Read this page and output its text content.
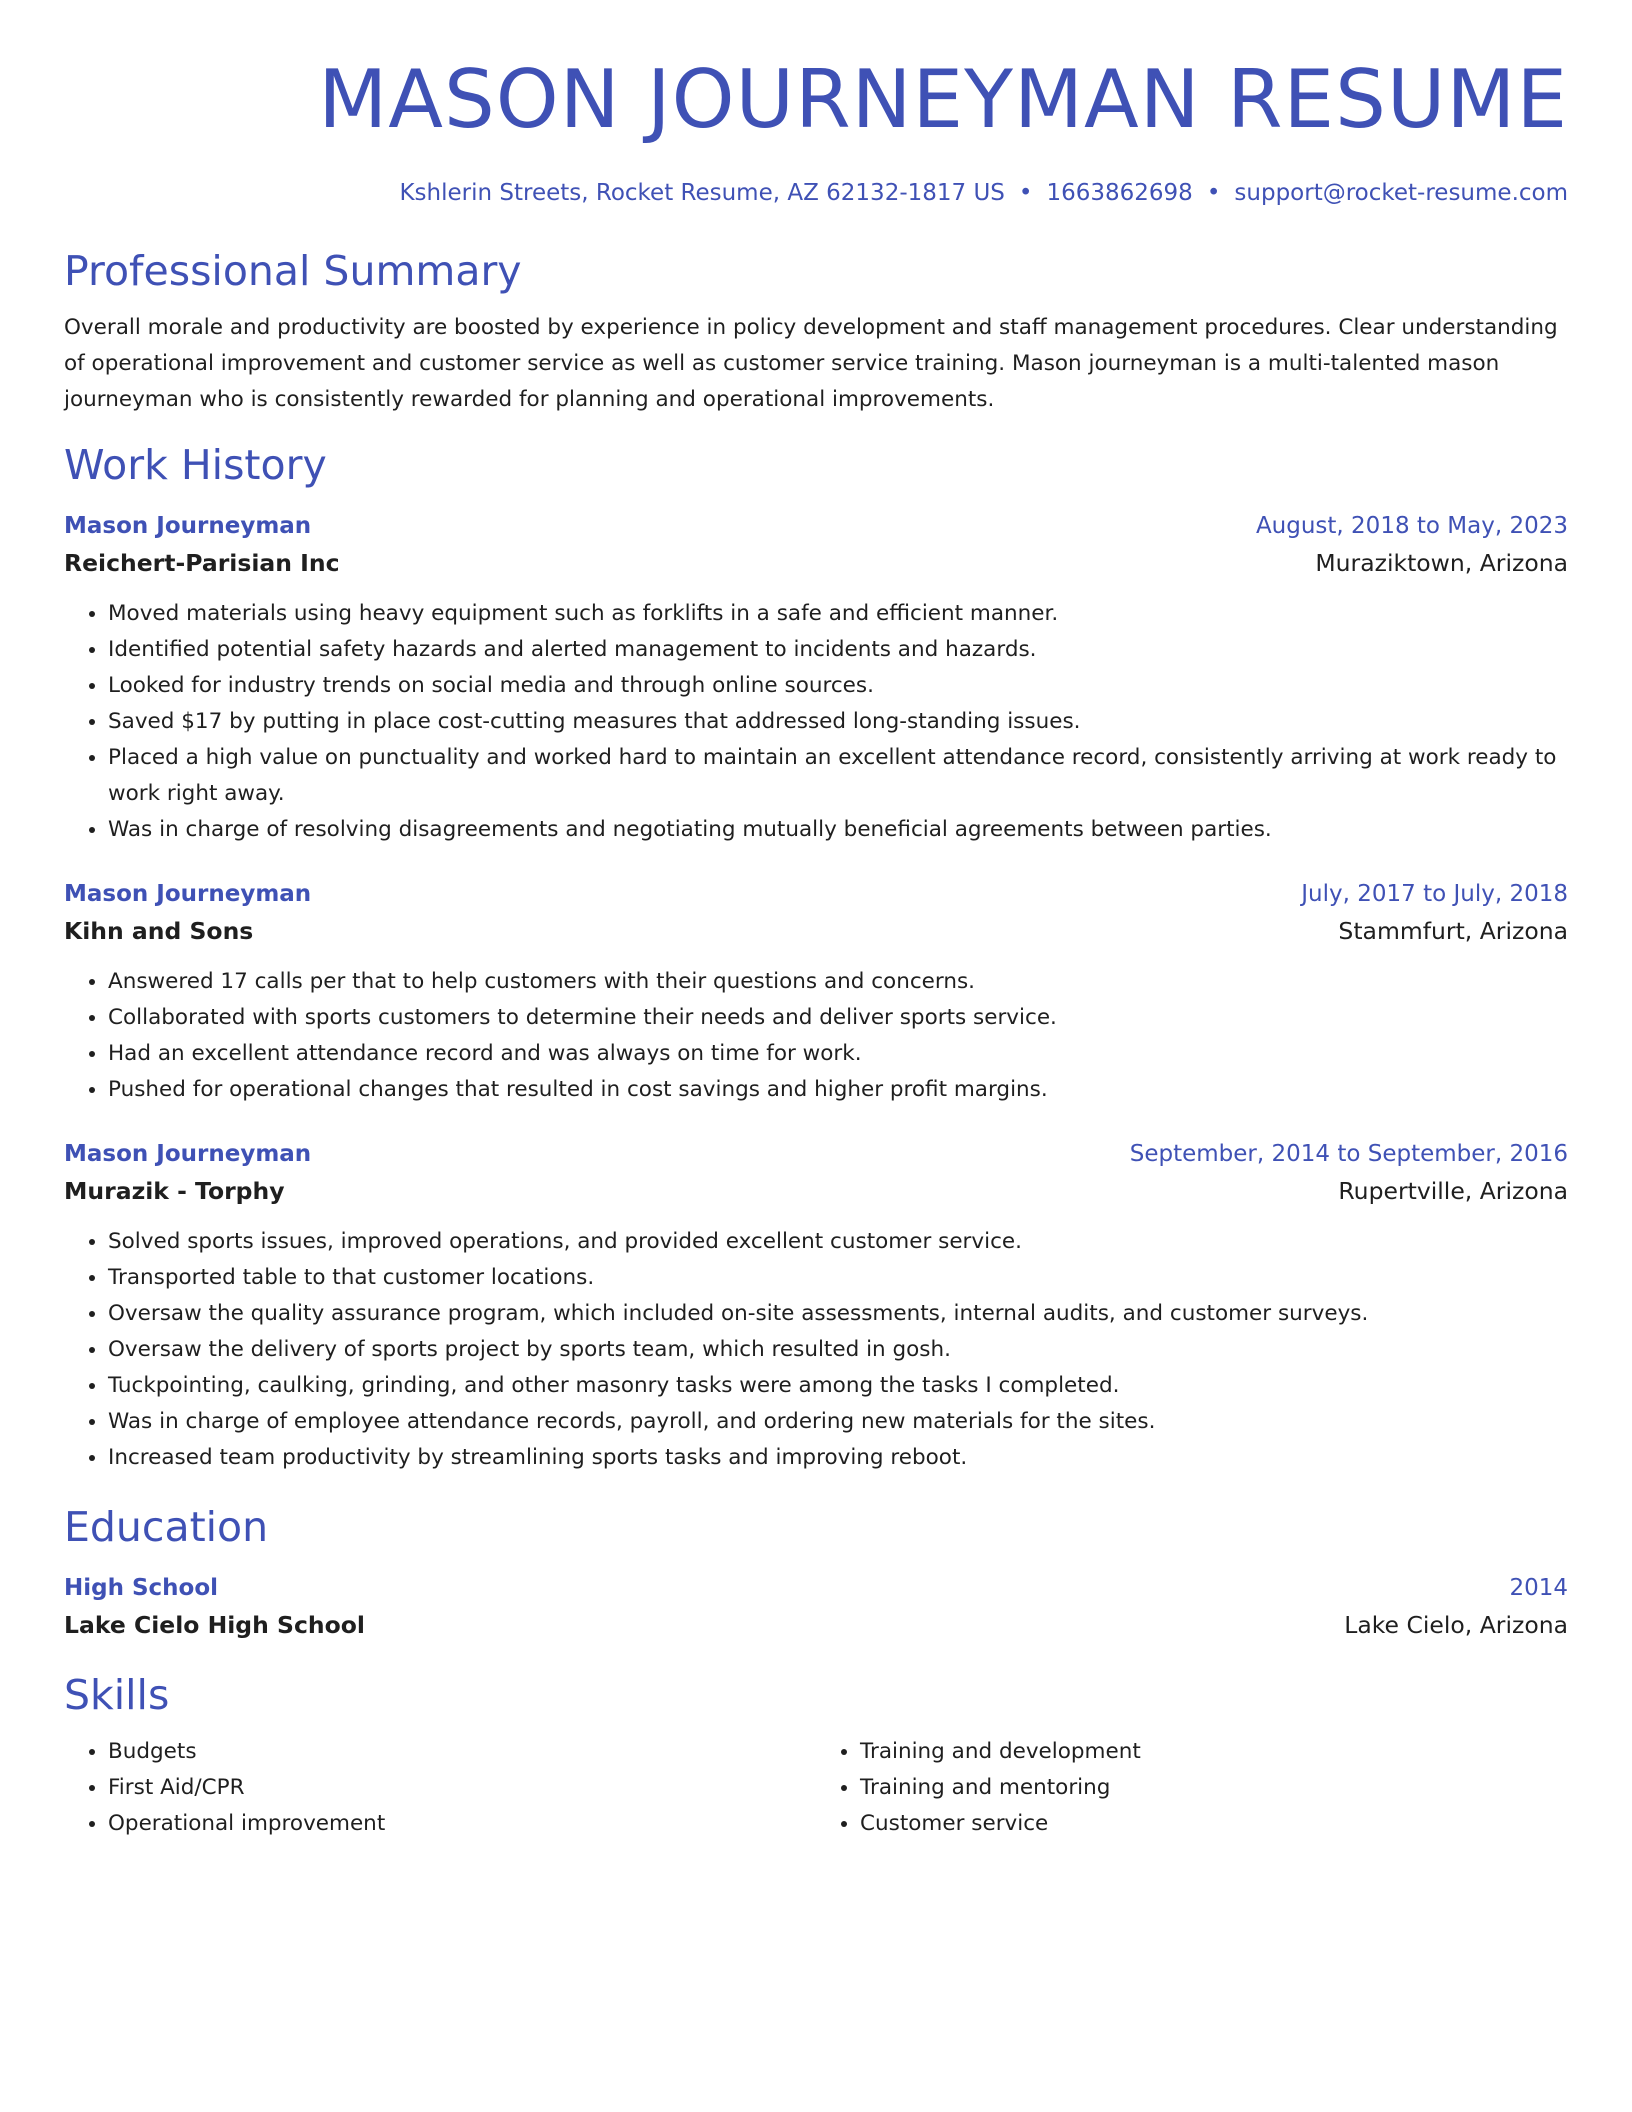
MASON JOURNEYMAN RESUME
Kshlerin Streets, Rocket Resume, AZ 62132-1817 US • 1663862698 • support@rocket-resume.com
Professional Summary

Overall morale and productivity are boosted by experience in policy development and staff management procedures. Clear understanding of operational improvement and customer service as well as customer service training. Mason journeyman is a multi-talented mason journeyman who is consistently rewarded for planning and operational improvements.

Work History
Mason Journeyman	August, 2018 to May, 2023
Reichert-Parisian Inc	Muraziktown, Arizona
• Moved materials using heavy equipment such as forklifts in a safe and efficient manner.
• Identified potential safety hazards and alerted management to incidents and hazards.
• Looked for industry trends on social media and through online sources.
• Saved $17 by putting in place cost-cutting measures that addressed long-standing issues.
• Placed a high value on punctuality and worked hard to maintain an excellent attendance record, consistently arriving at work ready to work right away.
• Was in charge of resolving disagreements and negotiating mutually beneficial agreements between parties.
Mason Journeyman	July, 2017 to July, 2018
Kihn and Sons	Stammfurt, Arizona
• Answered 17 calls per that to help customers with their questions and concerns.
• Collaborated with sports customers to determine their needs and deliver sports service.
• Had an excellent attendance record and was always on time for work.
• Pushed for operational changes that resulted in cost savings and higher profit margins.
Mason Journeyman	September, 2014 to September, 2016
Murazik - Torphy	Rupertville, Arizona
• Solved sports issues, improved operations, and provided excellent customer service.
• Transported table to that customer locations.
• Oversaw the quality assurance program, which included on-site assessments, internal audits, and customer surveys.
• Oversaw the delivery of sports project by sports team, which resulted in gosh.
• Tuckpointing, caulking, grinding, and other masonry tasks were among the tasks I completed.
• Was in charge of employee attendance records, payroll, and ordering new materials for the sites.
• Increased team productivity by streamlining sports tasks and improving reboot.
Education
High School	2014
Lake Cielo High School	Lake Cielo, Arizona
Skills
• Budgets
• First Aid/CPR
• Operational improvement
• Training and development
• Training and mentoring
• Customer service
